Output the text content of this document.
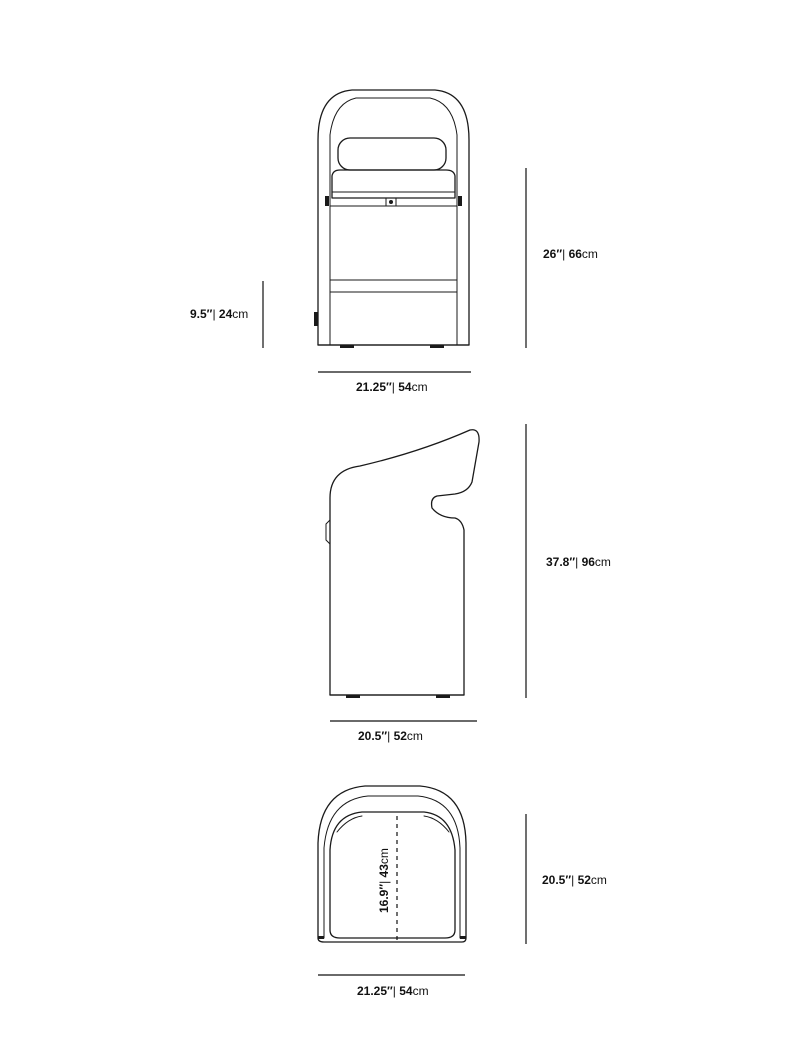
26″| 66cm
9.5″| 24cm
21.25″| 54cm
37.8″| 96cm
20.5″| 52cm
16.9″| 43cm
20.5″| 52cm
21.25″| 54cm
